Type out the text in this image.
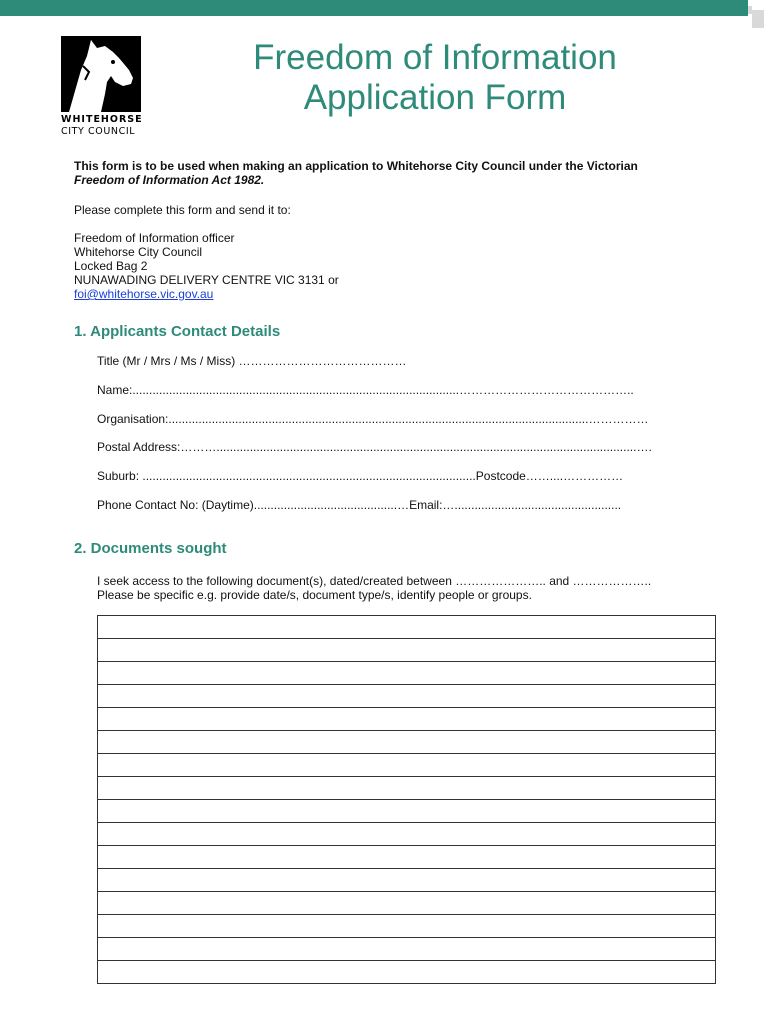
WHITEHORSE
CITY COUNCIL
Freedom of Information
Application Form
This form is to be used when making an application to Whitehorse City Council under the Victorian
Freedom of Information Act 1982.
Please complete this form and send it to:
Freedom of Information officer
Whitehorse City Council
Locked Bag 2
NUNAWADING DELIVERY CENTRE VIC 3131 or
foi@whitehorse.vic.gov.au
1. Applicants Contact Details
Title (Mr / Mrs / Ms / Miss) ……………………………………
Name:..................................................................................................……………………………………..
Organisation:..............................................................................................................................……………
Postal Address:………..............................................................................................................................….
Suburb: ....................................................................................................Postcode……....……………
Phone Contact No: (Daytime)...........................................…Email:…..................................................
2. Documents sought
I seek access to the following document(s), dated/created between ………………….. and ………………..
Please be specific e.g. provide date/s, document type/s, identify people or groups.
